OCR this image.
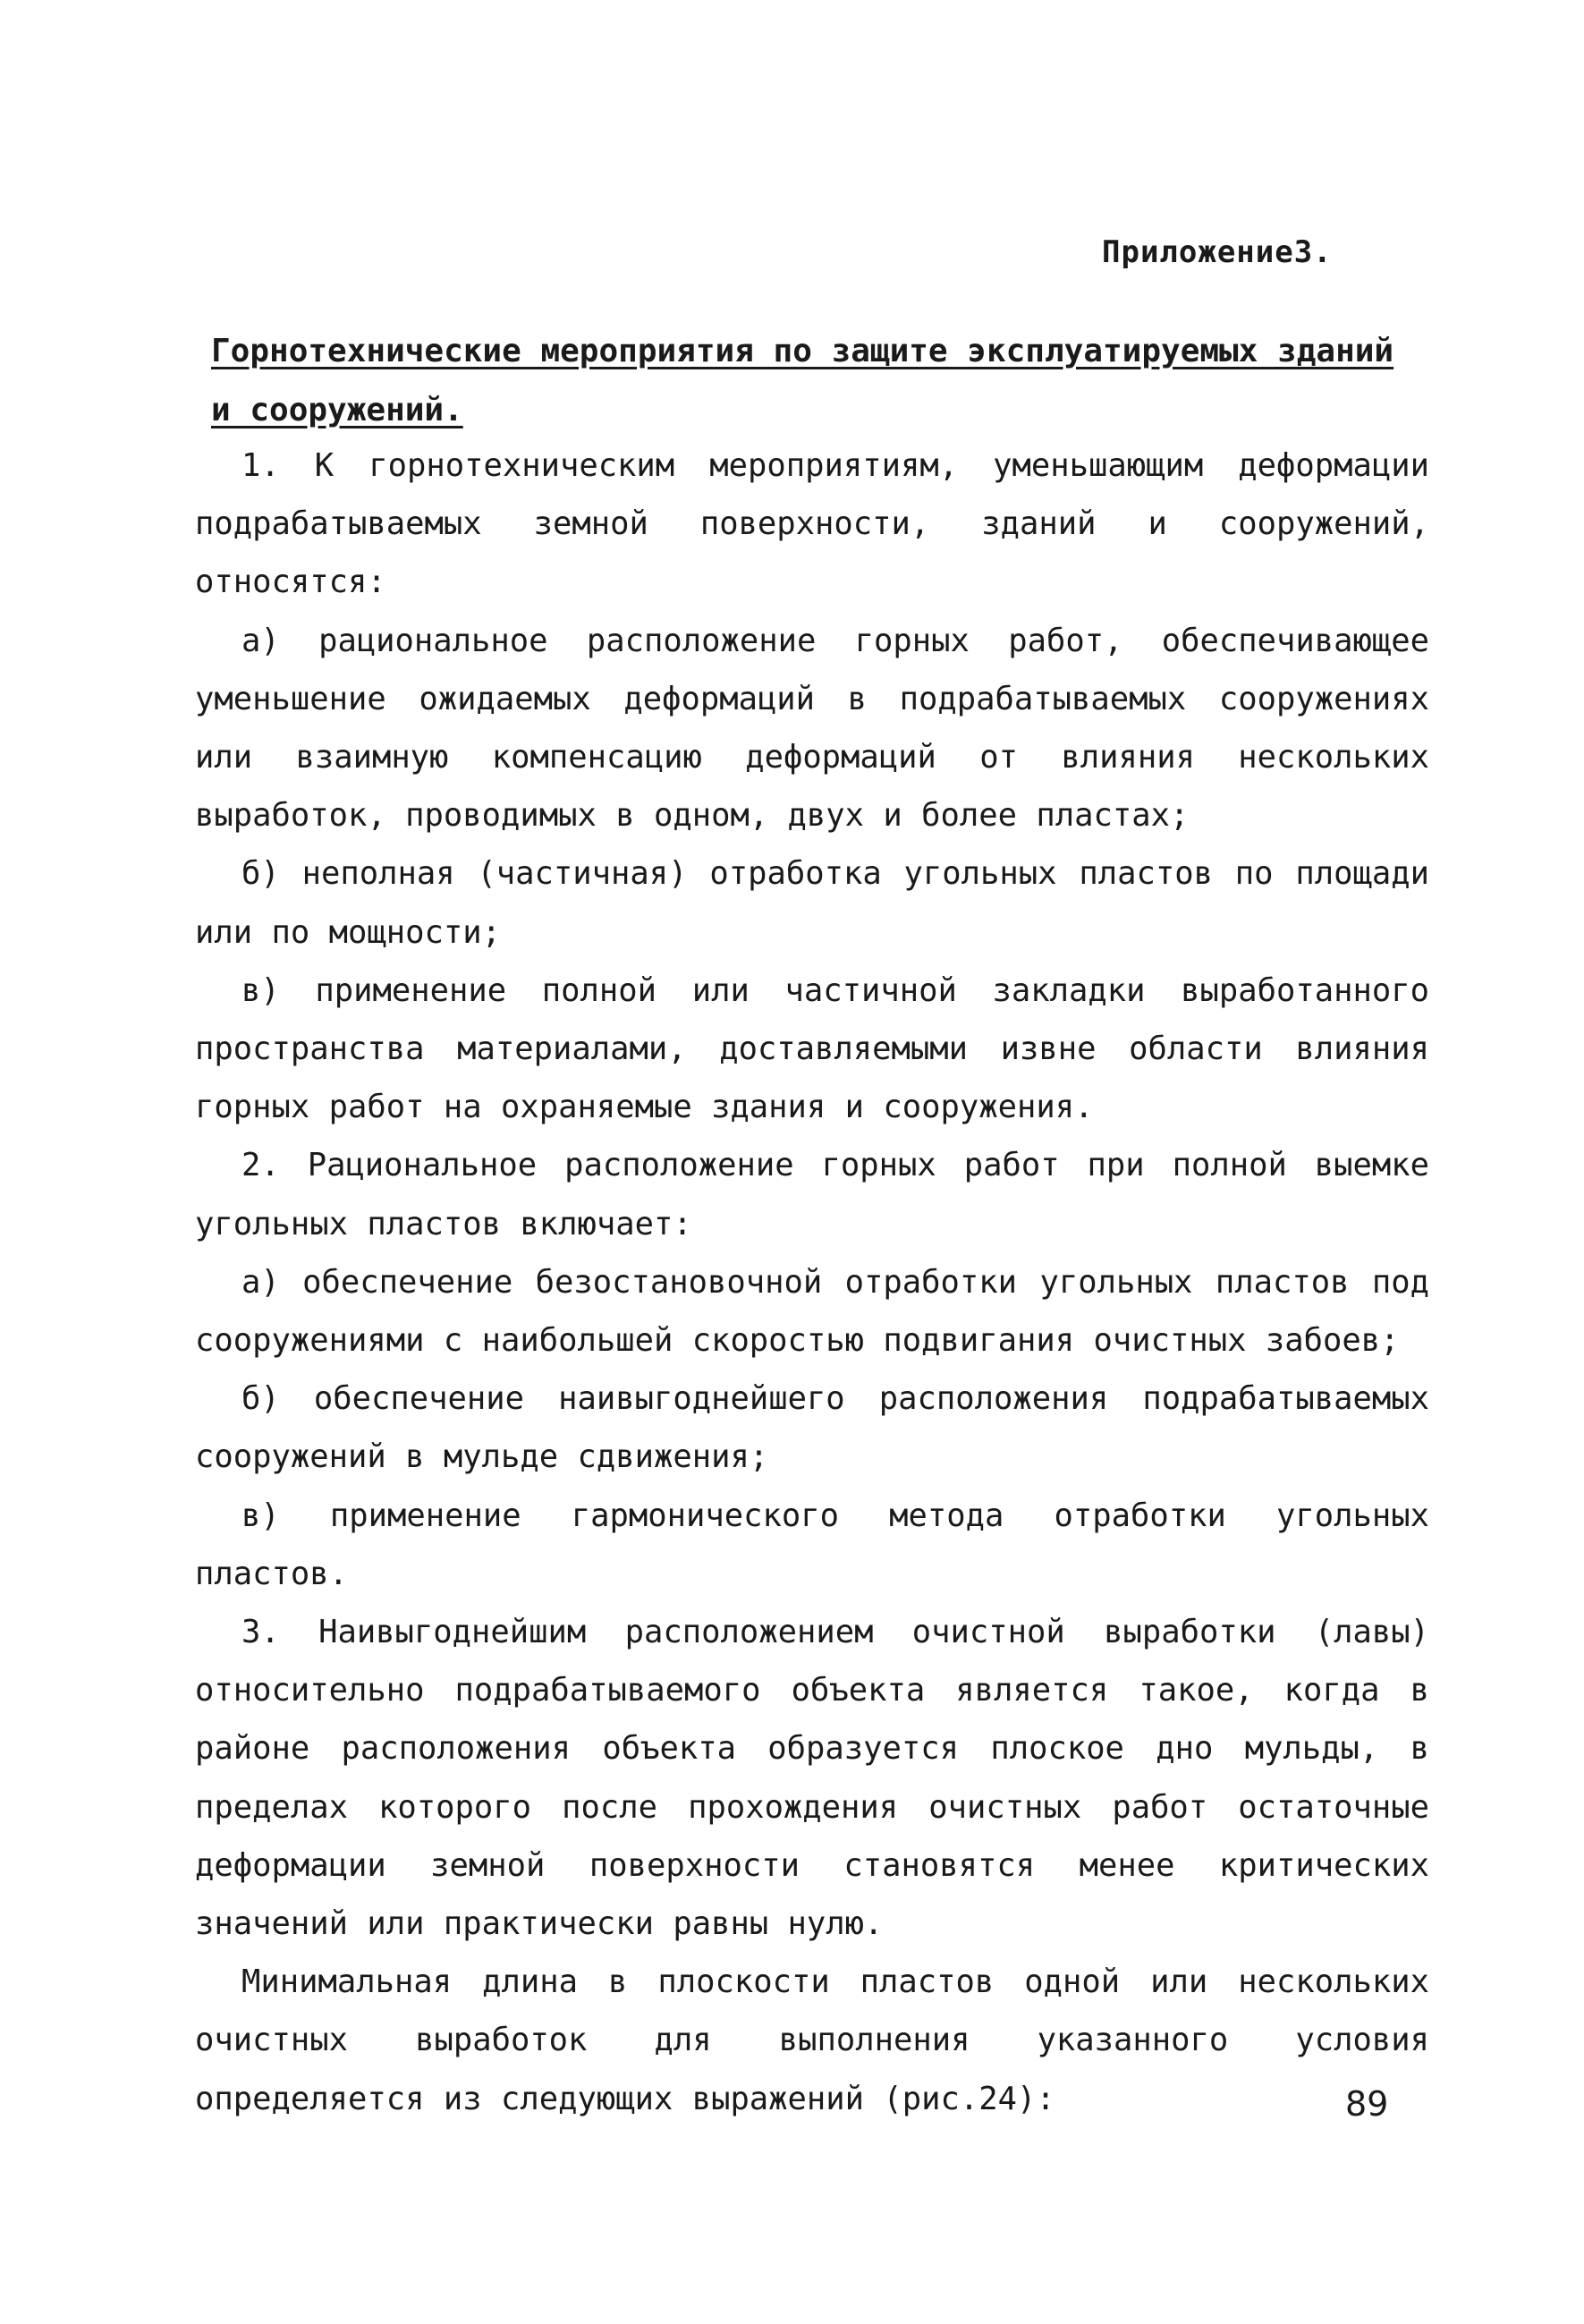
Приложение3.
Горнотехнические мероприятия по защите эксплуатируемых зданий и сооружений.

1. К горнотехническим мероприятиям, уменьшающим деформации подрабатываемых земной поверхности, зданий и сооружений, относятся:

а) рациональное расположение горных работ, обеспечивающее уменьшение ожидаемых деформаций в подрабатываемых сооружениях или взаимную компенсацию деформаций от влияния нескольких выработок, проводимых в одном, двух и более пластах;

б) неполная (частичная) отработка угольных пластов по площади или по мощности;

в) применение полной или частичной закладки выработанного пространства материалами, доставляемыми извне области влияния горных работ на охраняемые здания и сооружения.

2. Рациональное расположение горных работ при полной выемке угольных пластов включает:

а) обеспечение безостановочной отработки угольных пластов под сооружениями с наибольшей скоростью подвигания очистных забоев;

б) обеспечение наивыгоднейшего расположения подрабатываемых сооружений в мульде сдвижения;

в) применение гармонического метода отработки угольных пластов.

3. Наивыгоднейшим расположением очистной выработки (лавы) относительно подрабатываемого объекта является такое, когда в районе расположения объекта образуется плоское дно мульды, в пределах которого после прохождения очистных работ остаточные деформации земной поверхности становятся менее критических значений или практически равны нулю.

Минимальная длина в плоскости пластов одной или нескольких очистных выработок для выполнения указанного условия определяется из следующих выражений (рис.24):	89
